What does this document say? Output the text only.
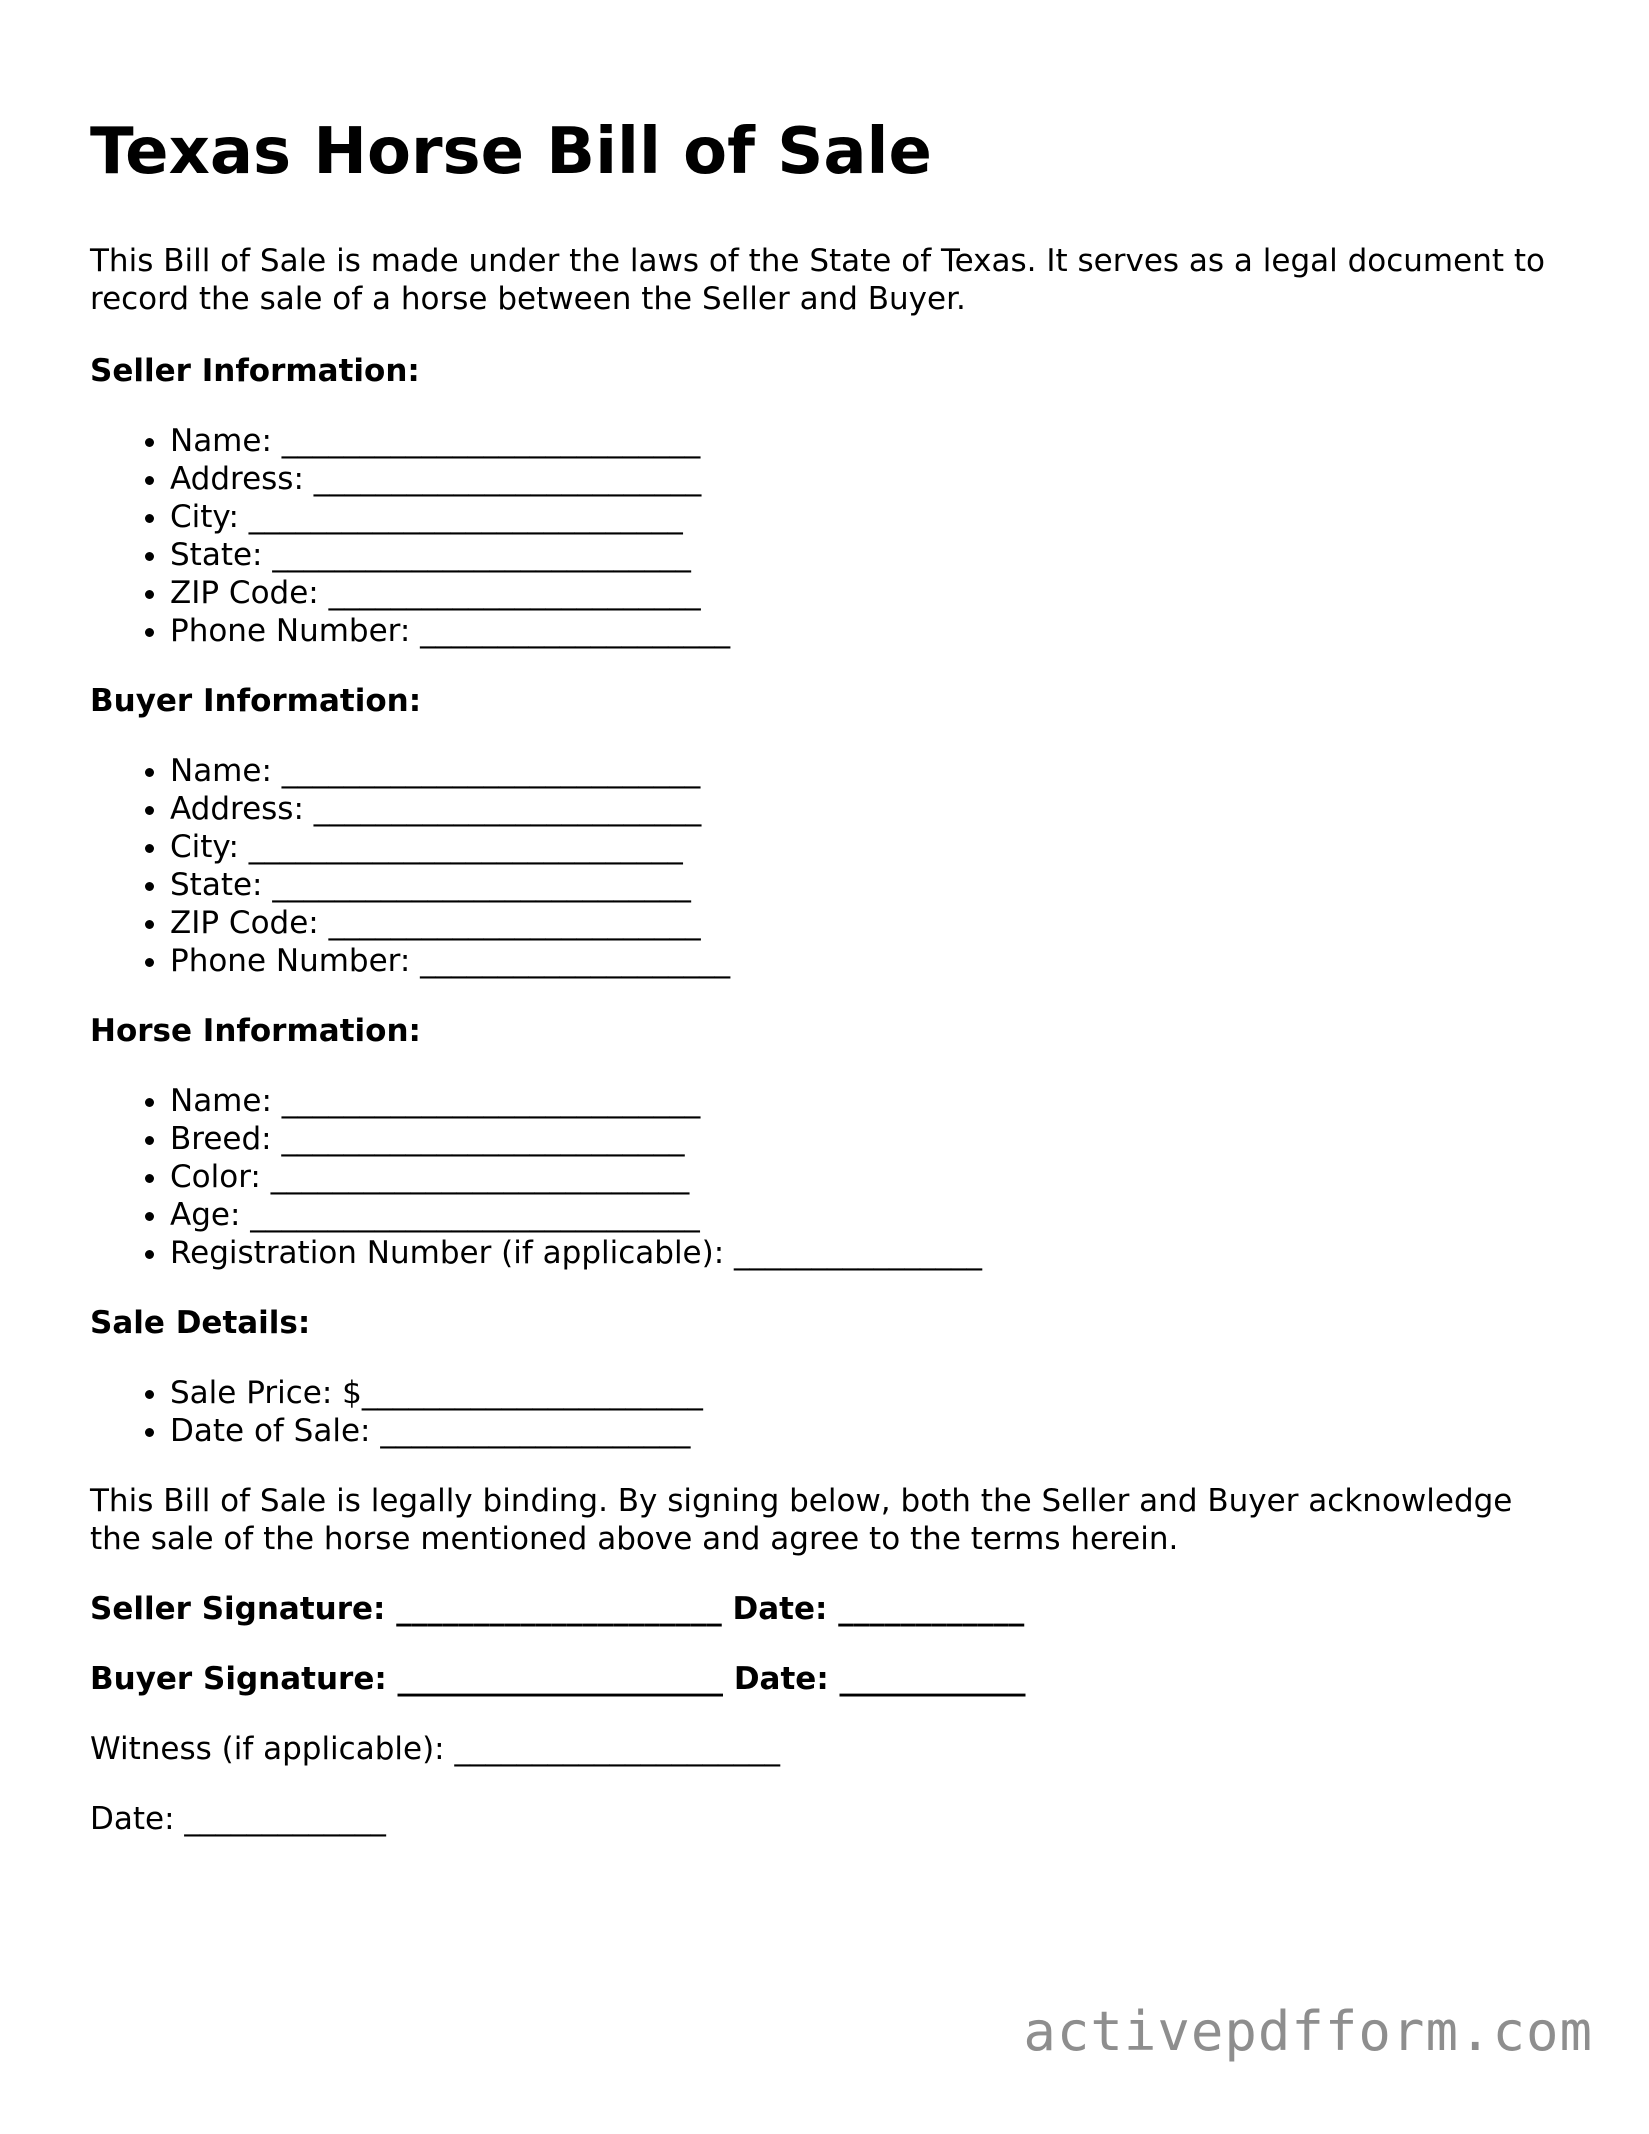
Texas Horse Bill of Sale

This Bill of Sale is made under the laws of the State of Texas. It serves as a legal document to record the sale of a horse between the Seller and Buyer.

Seller Information:
• Name: ___________________________
• Address: _________________________
• City: ____________________________
• State: ___________________________
• ZIP Code: ________________________
• Phone Number: ____________________
Buyer Information:
• Name: ___________________________
• Address: _________________________
• City: ____________________________
• State: ___________________________
• ZIP Code: ________________________
• Phone Number: ____________________
Horse Information:
• Name: ___________________________
• Breed: __________________________
• Color: ___________________________
• Age: _____________________________
• Registration Number (if applicable): ________________
Sale Details:
• Sale Price: $______________________
• Date of Sale: ____________________

This Bill of Sale is legally binding. By signing below, both the Seller and Buyer acknowledge the sale of the horse mentioned above and agree to the terms herein.

Seller Signature: _____________________ Date: ____________
Buyer Signature: _____________________ Date: ____________
Witness (if applicable): _____________________
Date: _____________
activepdfform.com
